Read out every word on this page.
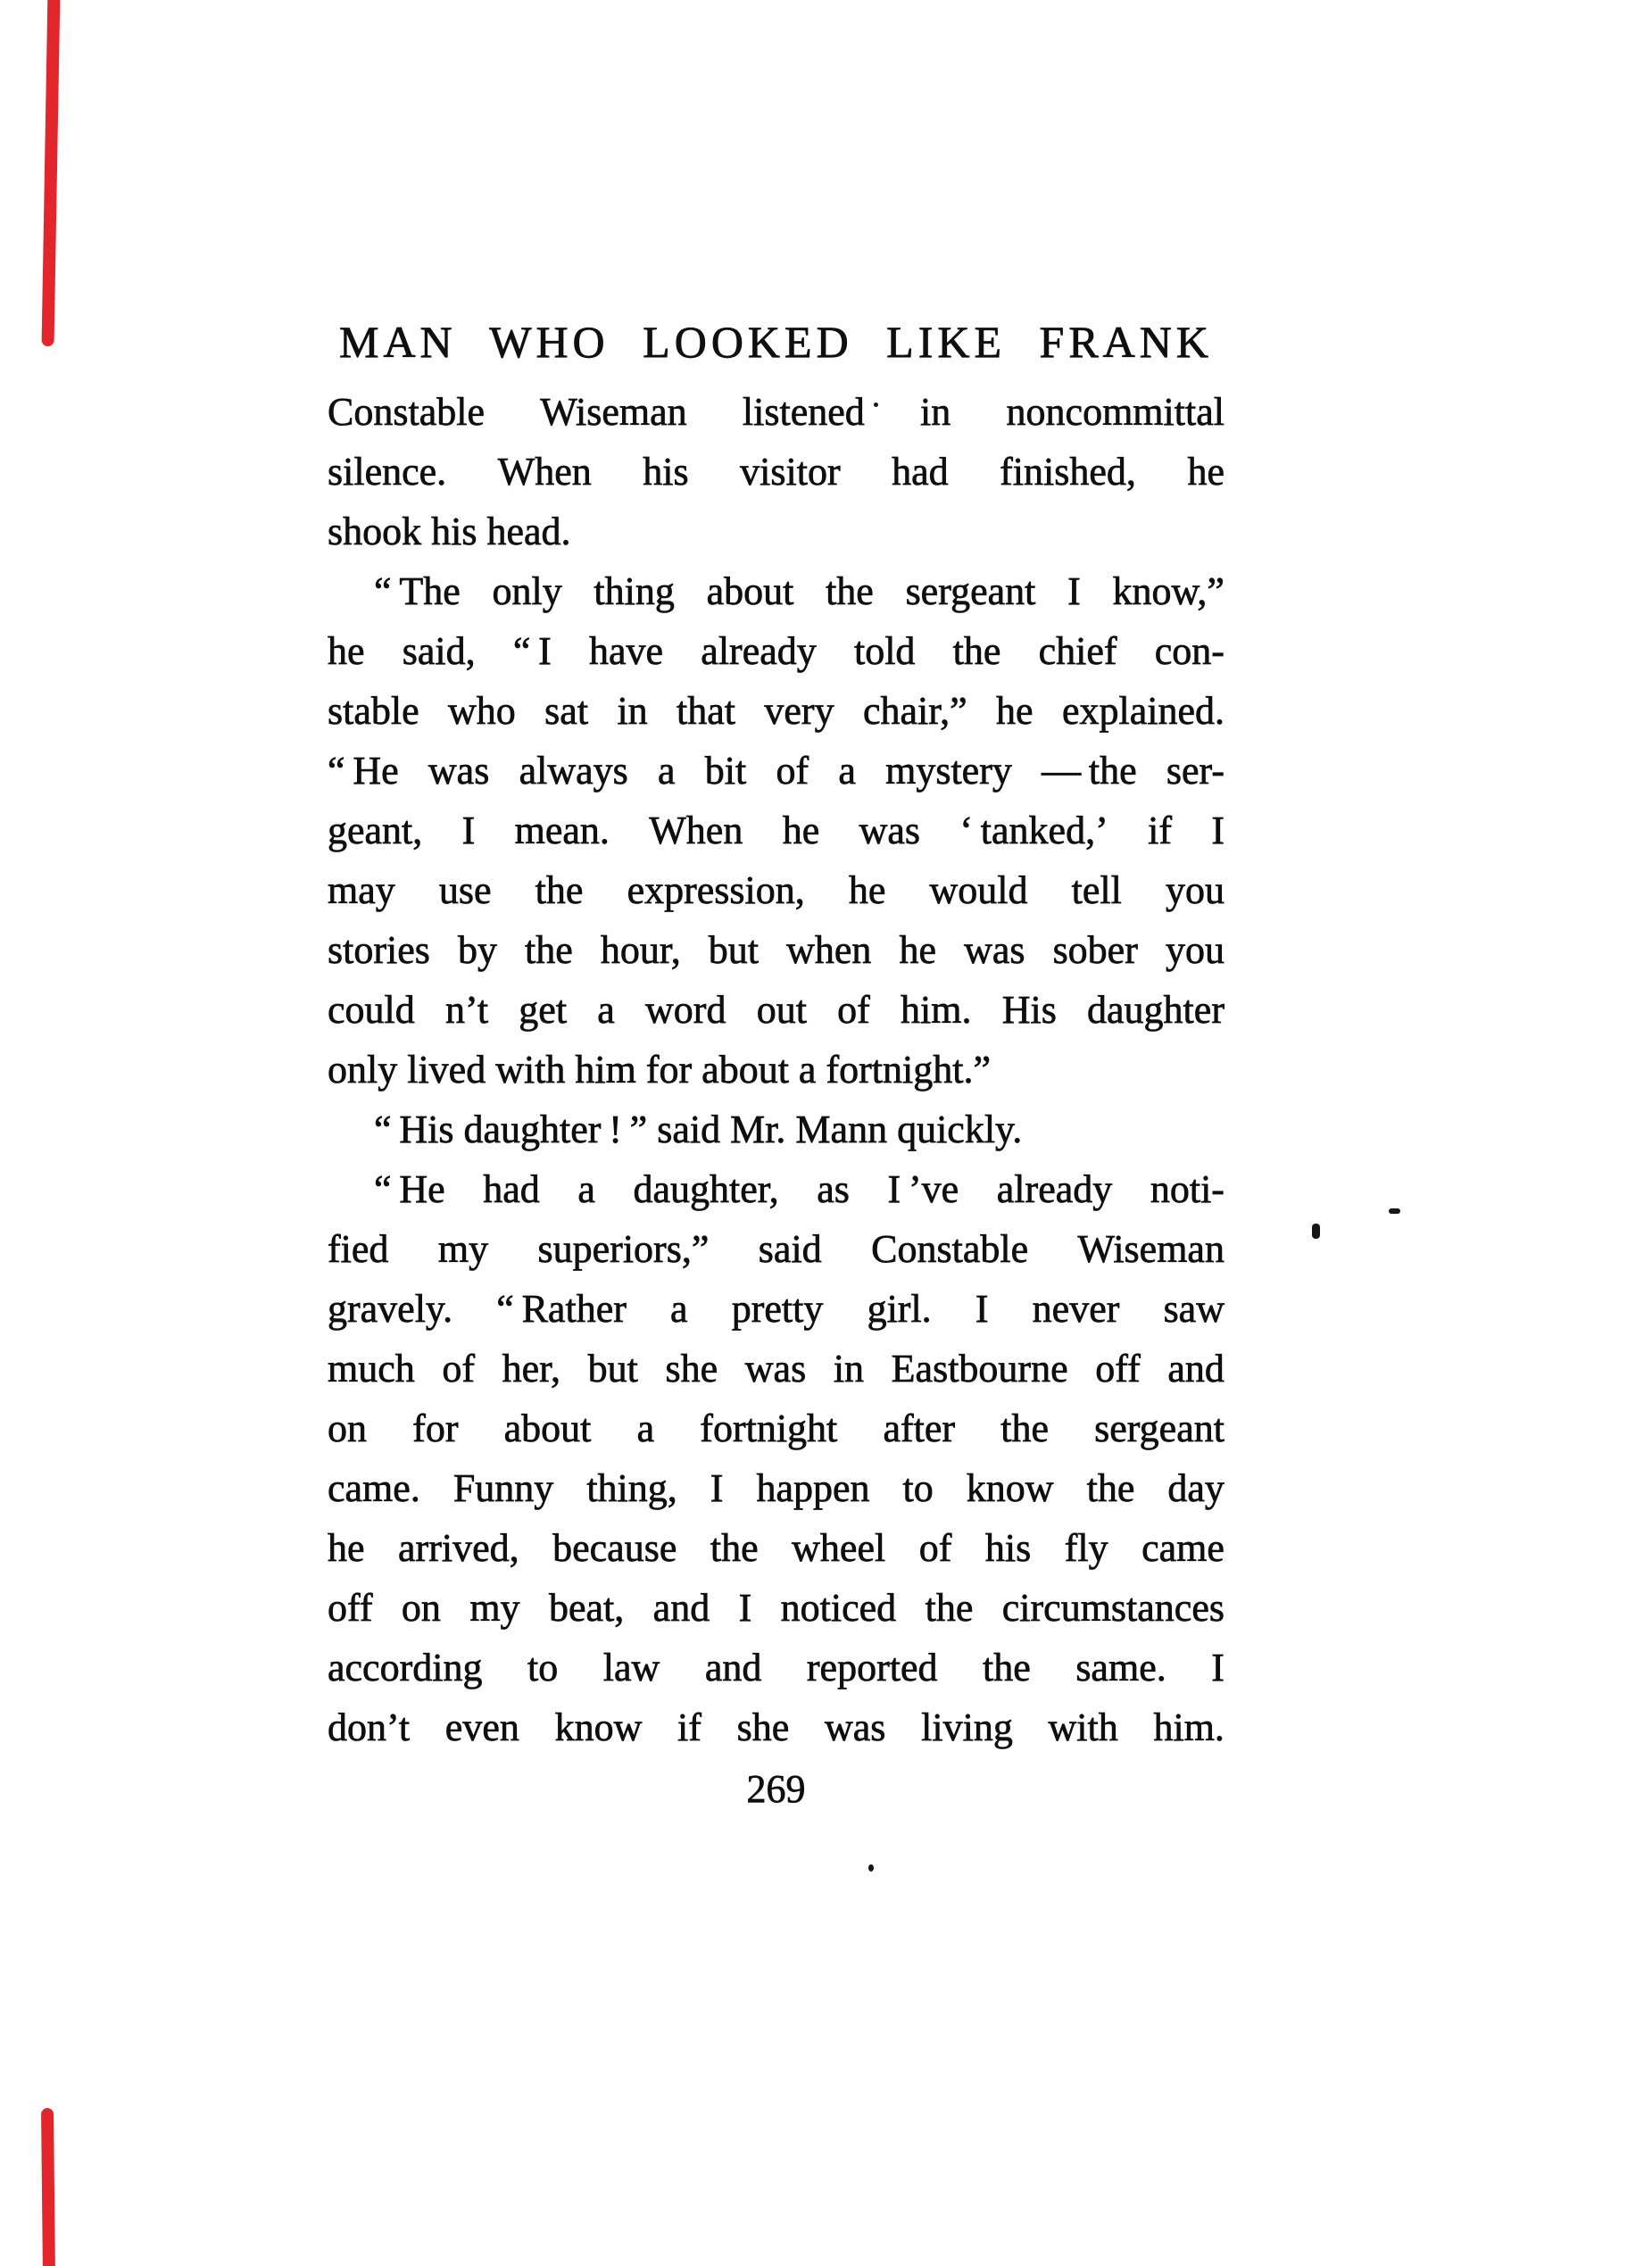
MAN WHO LOOKED LIKE FRANK
Constable Wiseman listened in noncommittal
silence. When his visitor had finished, he
shook his head.
“ The only thing about the sergeant I know,”
he said, “ I have already told the chief con-
stable who sat in that very chair,” he explained.
“ He was always a bit of a mystery — the ser-
geant, I mean. When he was ‘ tanked,’ if I
may use the expression, he would tell you
stories by the hour, but when he was sober you
could n’t get a word out of him. His daughter
only lived with him for about a fortnight.”
“ His daughter ! ” said Mr. Mann quickly.
“ He had a daughter, as I ’ve already noti-
fied my superiors,” said Constable Wiseman
gravely. “ Rather a pretty girl. I never saw
much of her, but she was in Eastbourne off and
on for about a fortnight after the sergeant
came. Funny thing, I happen to know the day
he arrived, because the wheel of his fly came
off on my beat, and I noticed the circumstances
according to law and reported the same. I
don’t even know if she was living with him.
269
